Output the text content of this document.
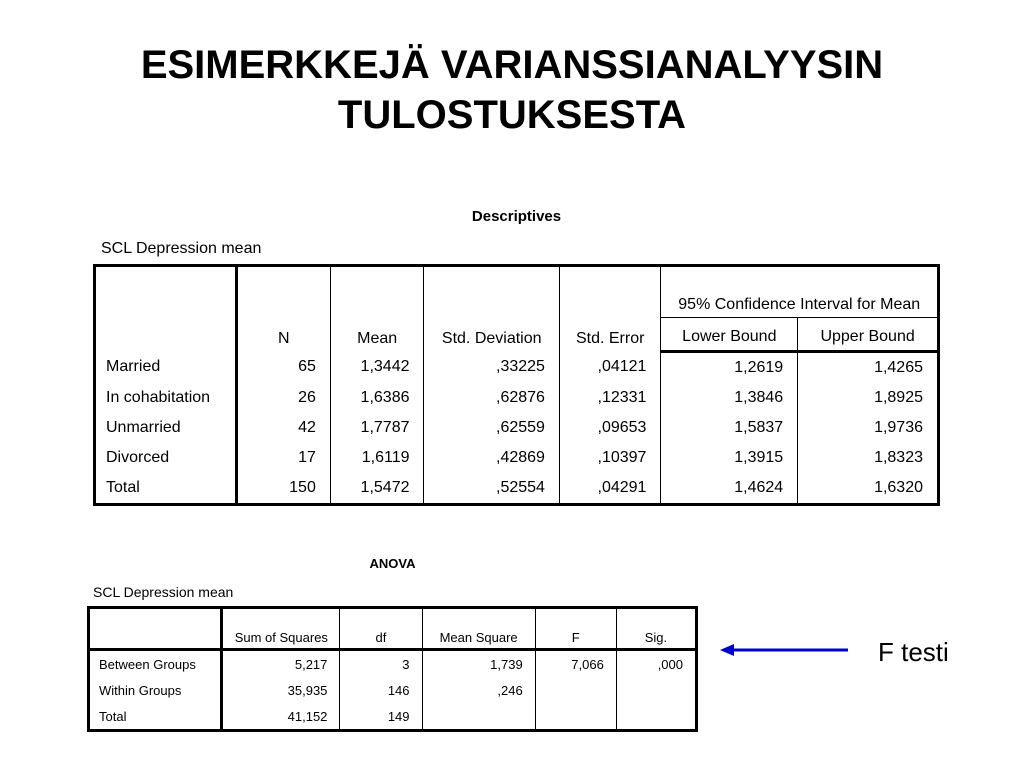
ESIMERKKEJÄ VARIANSSIANALYYSIN
TULOSTUKSESTA
Descriptives
SCL Depression mean
	N	Mean	Std. Deviation	Std. Error	95% Confidence Interval for Mean	
					Lower Bound	Upper Bound
Married	65	1,3442	,33225	,04121	1,2619	1,4265
In cohabitation	26	1,6386	,62876	,12331	1,3846	1,8925
Unmarried	42	1,7787	,62559	,09653	1,5837	1,9736
Divorced	17	1,6119	,42869	,10397	1,3915	1,8323
Total	150	1,5472	,52554	,04291	1,4624	1,6320
ANOVA
SCL Depression mean
	Sum of Squares	df	Mean Square	F	Sig.
Between Groups	5,217	3	1,739	7,066	,000
Within Groups	35,935	146	,246		
Total	41,152	149			
F testi
